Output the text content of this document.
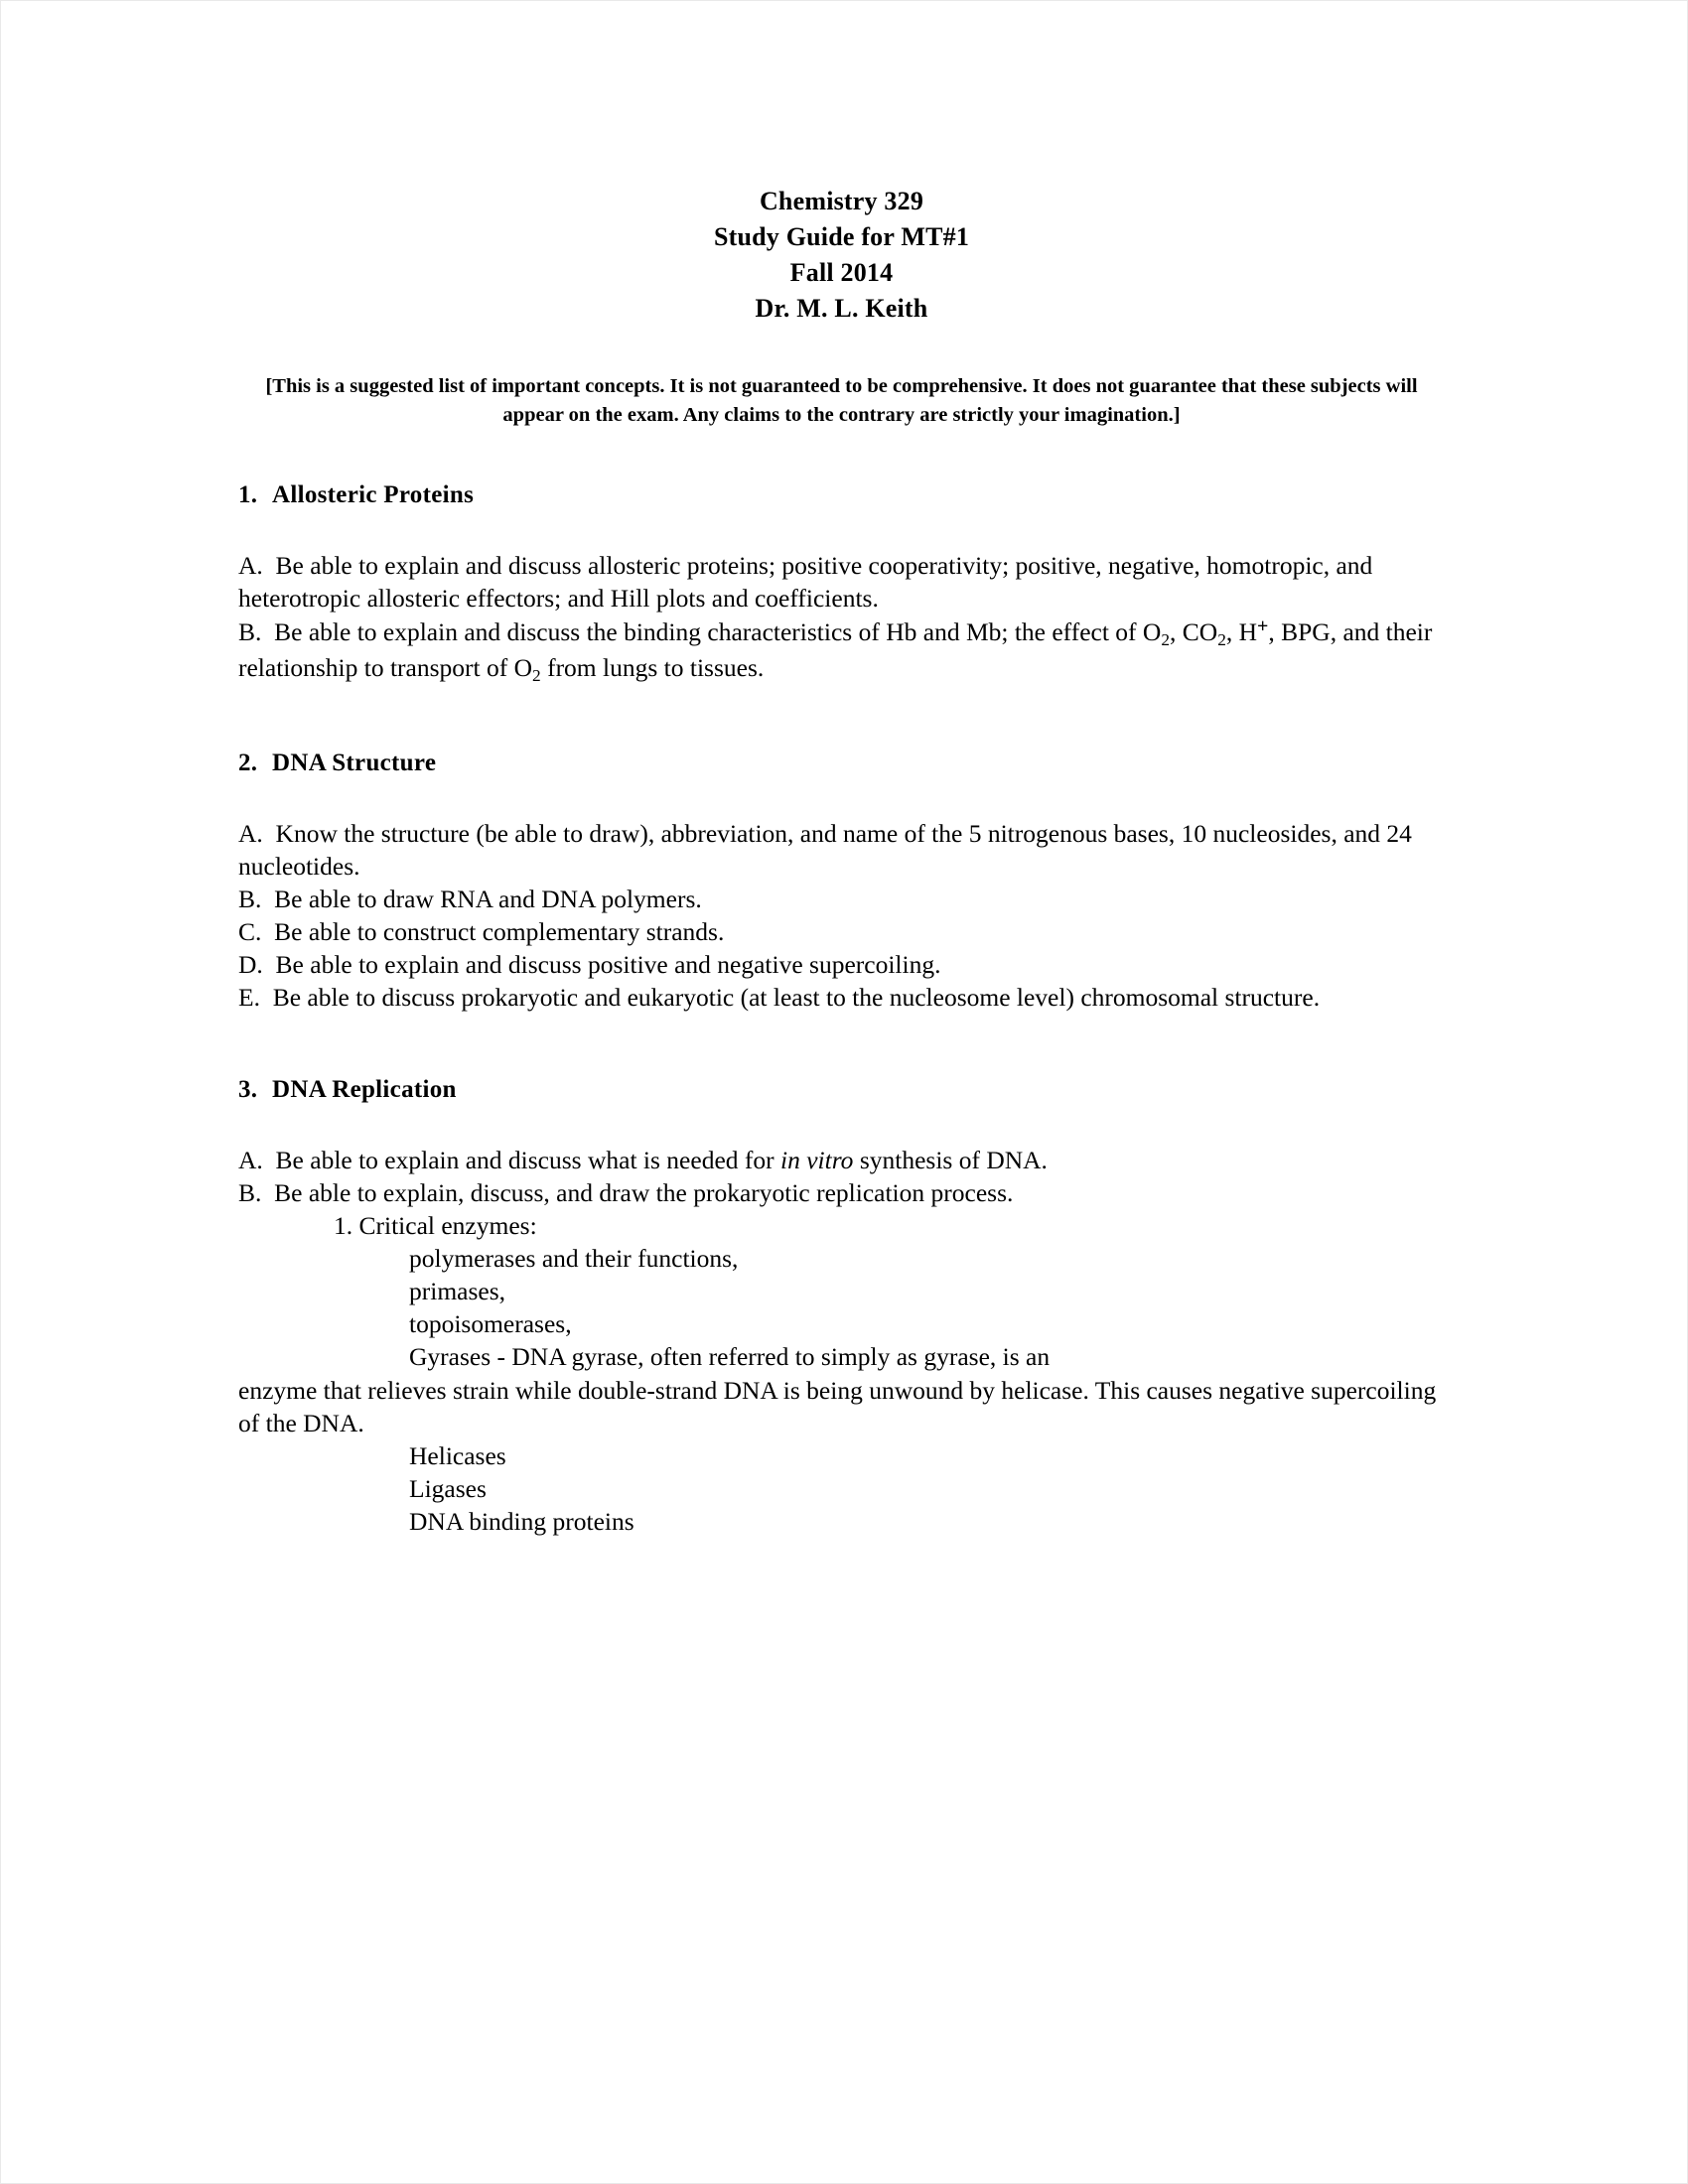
Chemistry 329
Study Guide for MT#1
Fall 2014
Dr. M. L. Keith
[This is a suggested list of important concepts. It is not guaranteed to be comprehensive. It does not guarantee that these subjects will appear on the exam. Any claims to the contrary are strictly your imagination.]
1. Allosteric Proteins
A. Be able to explain and discuss allosteric proteins; positive cooperativity; positive, negative, homotropic, and heterotropic allosteric effectors; and Hill plots and coefficients.
B. Be able to explain and discuss the binding characteristics of Hb and Mb; the effect of $O_2$, $CO_2$, H+, BPG, and their relationship to transport of $O_2$ from lungs to tissues.
2. DNA Structure
A. Know the structure (be able to draw), abbreviation, and name of the 5 nitrogenous bases, 10 nucleosides, and 24 nucleotides.
B. Be able to draw RNA and DNA polymers.
C. Be able to construct complementary strands.
D. Be able to explain and discuss positive and negative supercoiling.
E. Be able to discuss prokaryotic and eukaryotic (at least to the nucleosome level) chromosomal structure.
3. DNA Replication
A. Be able to explain and discuss what is needed for in vitro synthesis of DNA.
B. Be able to explain, discuss, and draw the prokaryotic replication process.
1. Critical enzymes:
polymerases and their functions,
primases,
topoisomerases,
Gyrases - DNA gyrase, often referred to simply as gyrase, is an
enzyme that relieves strain while double-strand DNA is being unwound by helicase. This causes negative supercoiling of the DNA.
Helicases
Ligases
DNA binding proteins
